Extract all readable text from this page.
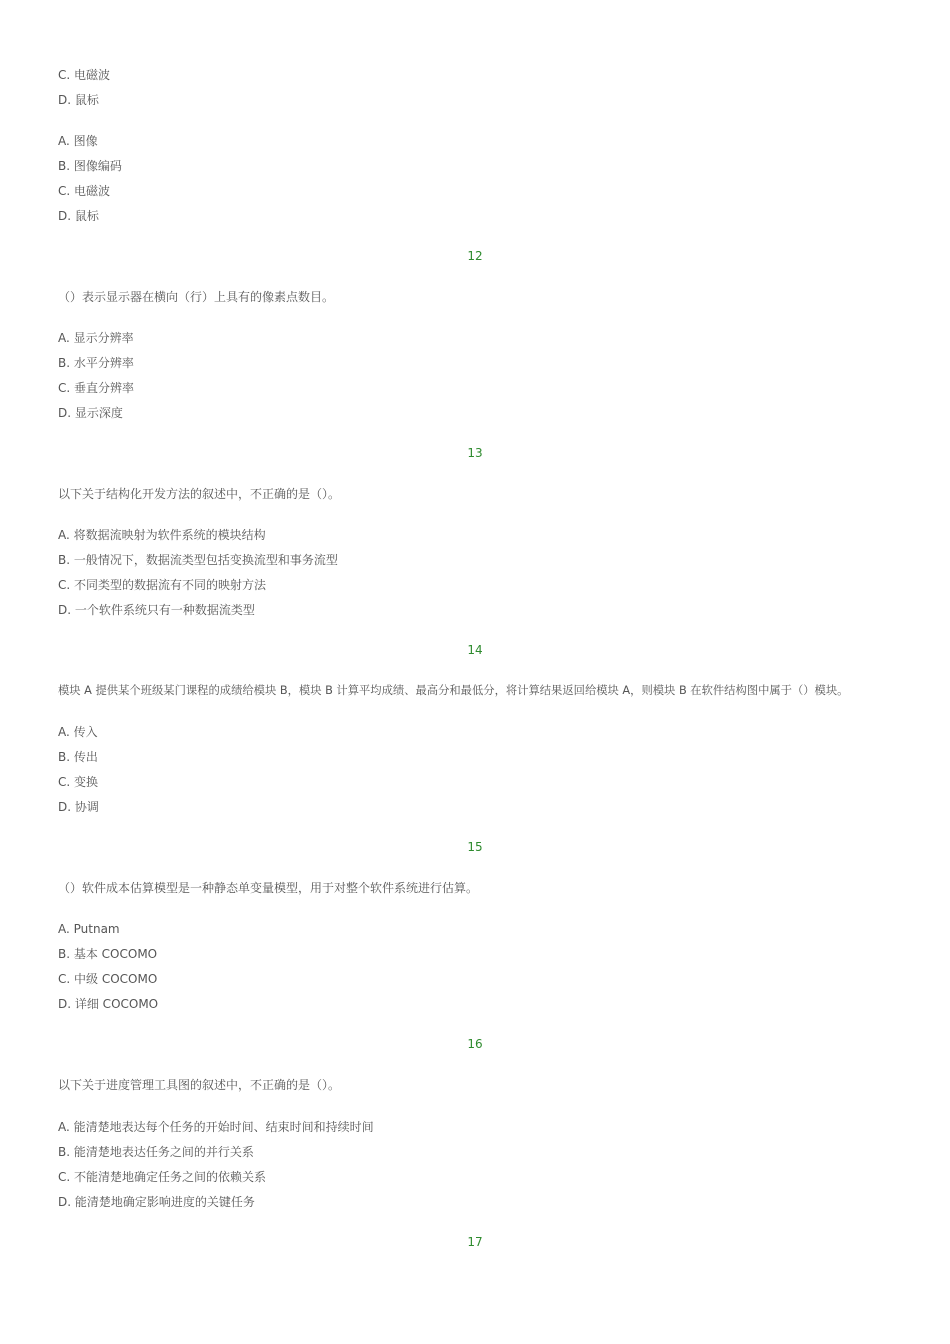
C. 电磁波
D. 鼠标
A. 图像
B. 图像编码
C. 电磁波
D. 鼠标
12
（）表示显示器在横向（行）上具有的像素点数目。
A. 显示分辨率
B. 水平分辨率
C. 垂直分辨率
D. 显示深度
13
以下关于结构化开发方法的叙述中，不正确的是（）。
A. 将数据流映射为软件系统的模块结构
B. 一般情况下，数据流类型包括变换流型和事务流型
C. 不同类型的数据流有不同的映射方法
D. 一个软件系统只有一种数据流类型
14
模块 A 提供某个班级某门课程的成绩给模块 B，模块 B 计算平均成绩、最高分和最低分，将计算结果返回给模块 A，则模块 B 在软件结构图中属于（）模块。
A. 传入
B. 传出
C. 变换
D. 协调
15
（）软件成本估算模型是一种静态单变量模型，用于对整个软件系统进行估算。
A. Putnam
B. 基本 COCOMO
C. 中级 COCOMO
D. 详细 COCOMO
16
以下关于进度管理工具图的叙述中，不正确的是（）。
A. 能清楚地表达每个任务的开始时间、结束时间和持续时间
B. 能清楚地表达任务之间的并行关系
C. 不能清楚地确定任务之间的依赖关系
D. 能清楚地确定影响进度的关键任务
17
